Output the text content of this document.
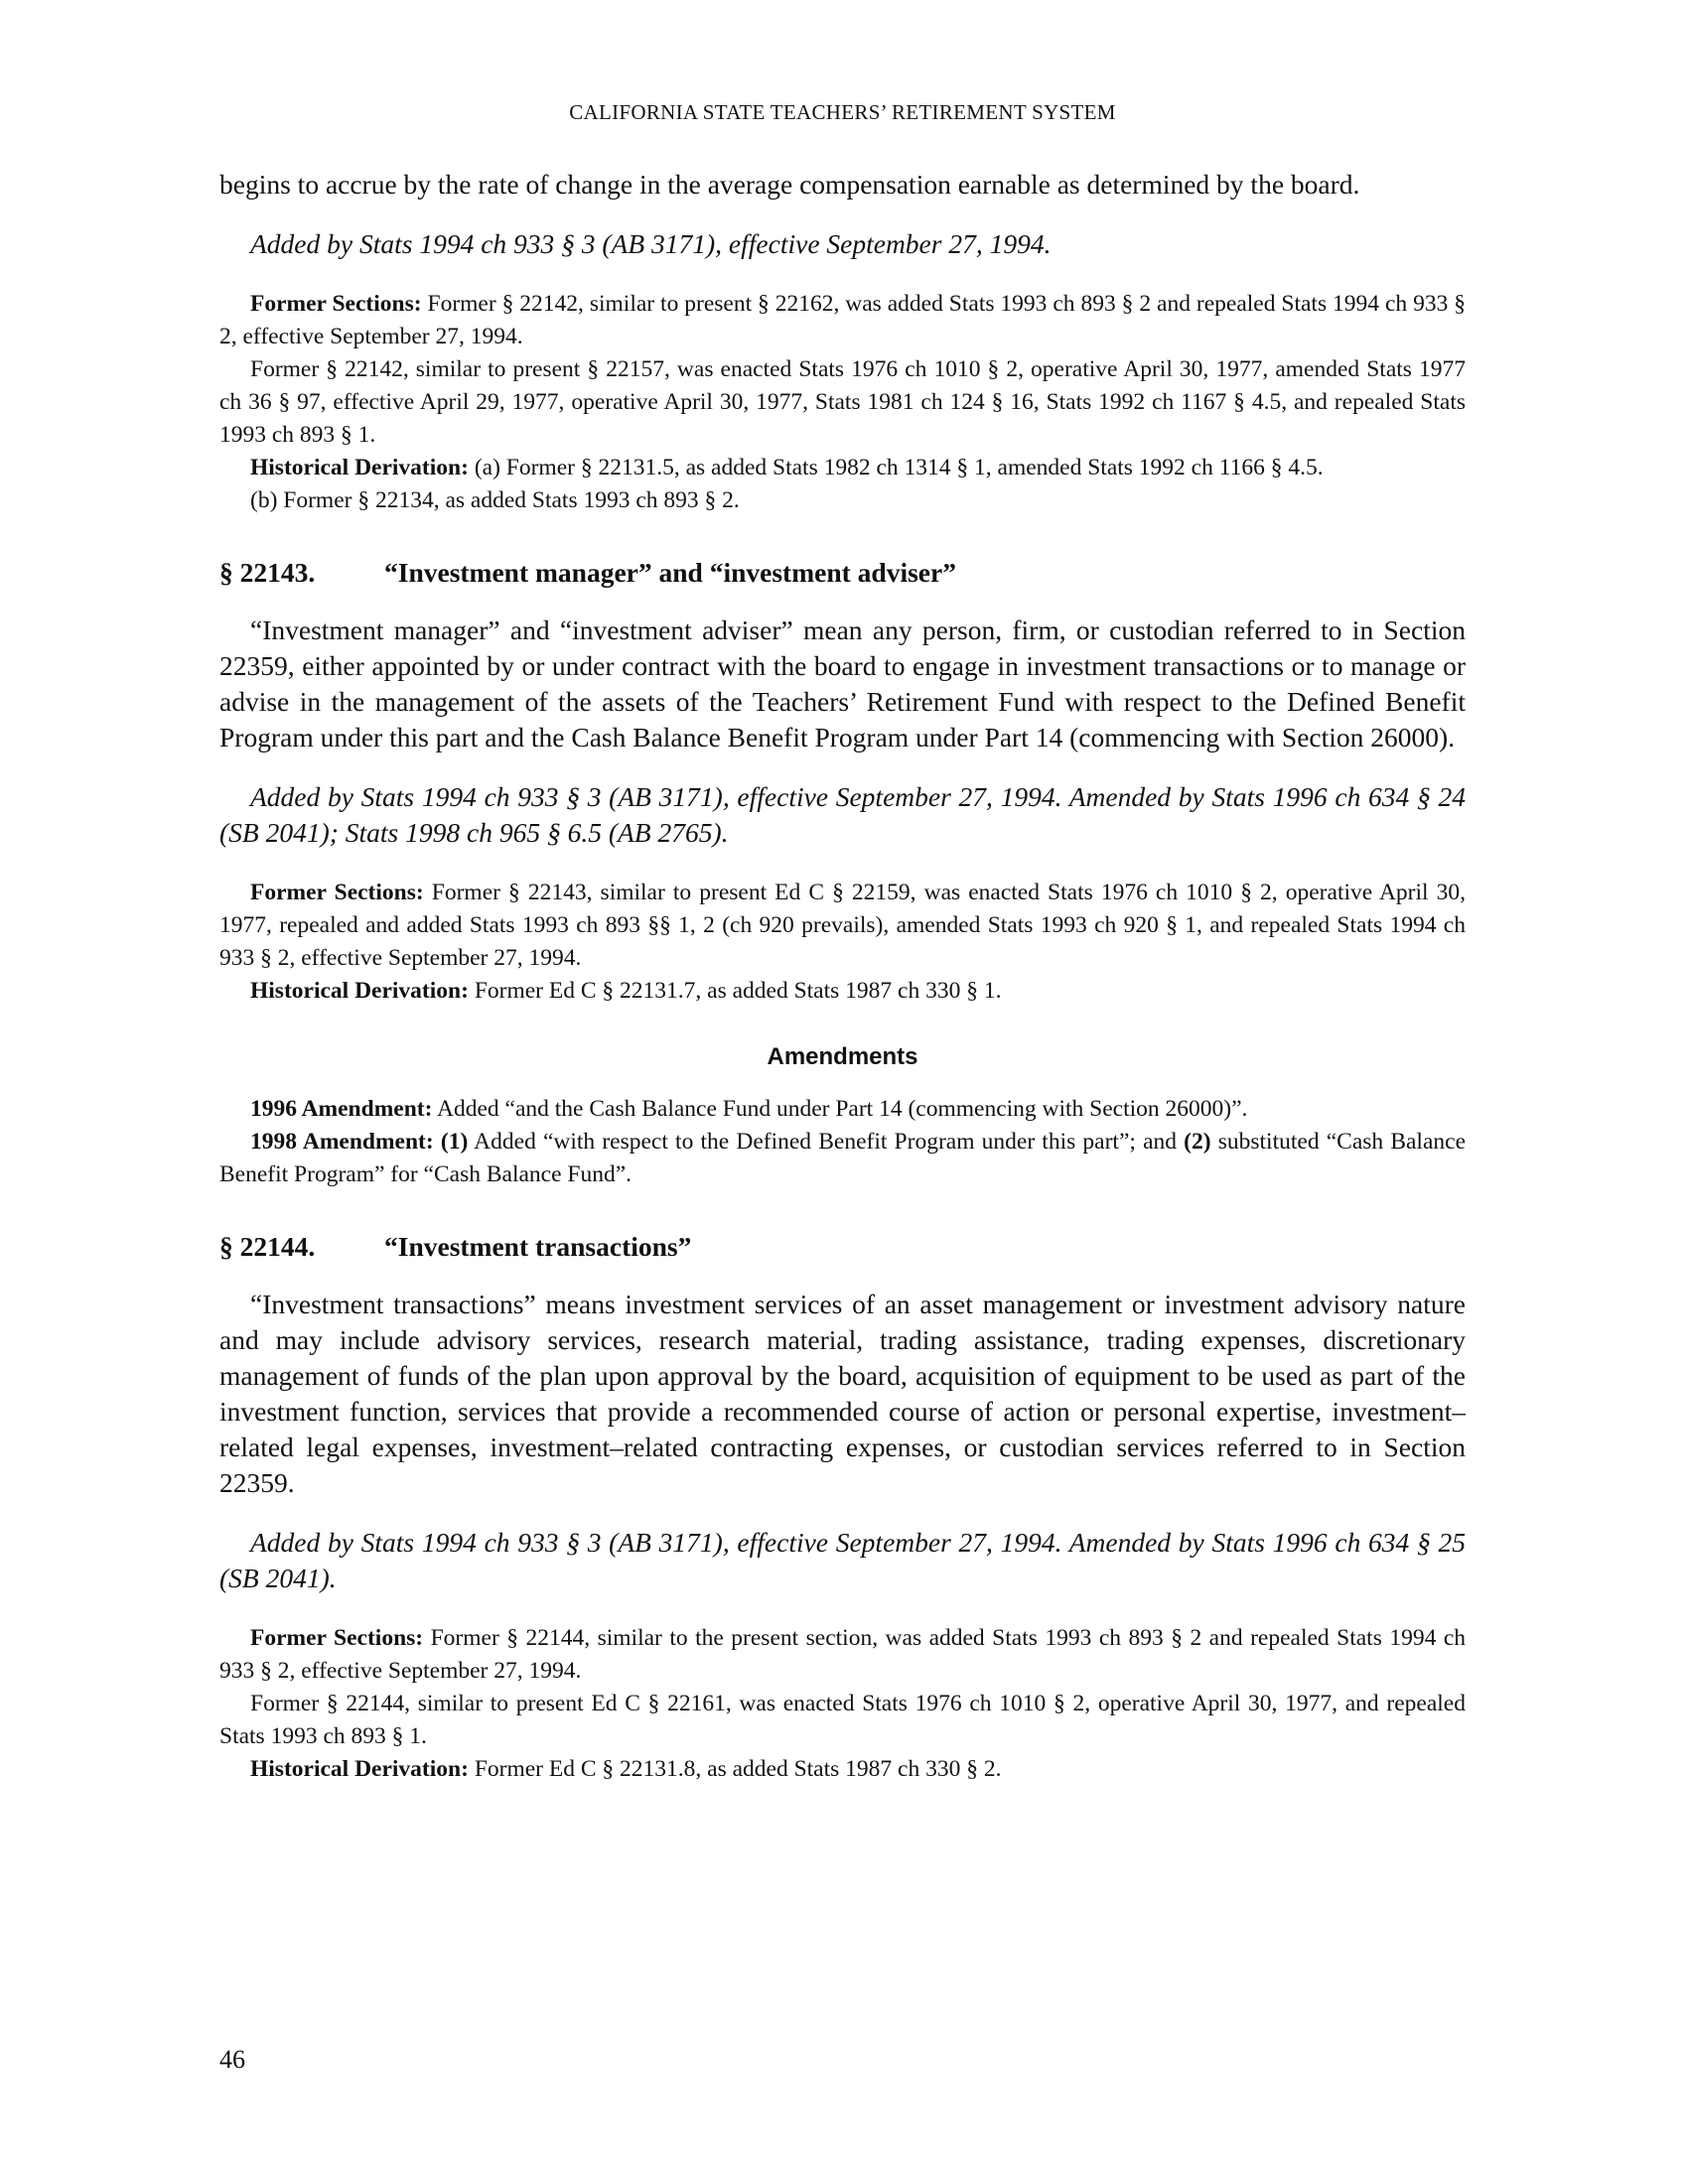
CALIFORNIA STATE TEACHERS’ RETIREMENT SYSTEM

begins to accrue by the rate of change in the average compensation earnable as determined by the board.

Added by Stats 1994 ch 933 § 3 (AB 3171), effective September 27, 1994.

Former Sections: Former § 22142, similar to present § 22162, was added Stats 1993 ch 893 § 2 and repealed Stats 1994 ch 933 § 2, effective September 27, 1994.

Former § 22142, similar to present § 22157, was enacted Stats 1976 ch 1010 § 2, operative April 30, 1977, amended Stats 1977 ch 36 § 97, effective April 29, 1977, operative April 30, 1977, Stats 1981 ch 124 § 16, Stats 1992 ch 1167 § 4.5, and repealed Stats 1993 ch 893 § 1.

Historical Derivation: (a) Former § 22131.5, as added Stats 1982 ch 1314 § 1, amended Stats 1992 ch 1166 § 4.5.

(b) Former § 22134, as added Stats 1993 ch 893 § 2.

§ 22143.	“Investment manager” and “investment adviser”

“Investment manager” and “investment adviser” mean any person, firm, or custodian referred to in Section 22359, either appointed by or under contract with the board to engage in investment transactions or to manage or advise in the management of the assets of the Teachers’ Retirement Fund with respect to the Defined Benefit Program under this part and the Cash Balance Benefit Program under Part 14 (commencing with Section 26000).

Added by Stats 1994 ch 933 § 3 (AB 3171), effective September 27, 1994. Amended by Stats 1996 ch 634 § 24 (SB 2041); Stats 1998 ch 965 § 6.5 (AB 2765).

Former Sections: Former § 22143, similar to present Ed C § 22159, was enacted Stats 1976 ch 1010 § 2, operative April 30, 1977, repealed and added Stats 1993 ch 893 §§ 1, 2 (ch 920 prevails), amended Stats 1993 ch 920 § 1, and repealed Stats 1994 ch 933 § 2, effective September 27, 1994.

Historical Derivation: Former Ed C § 22131.7, as added Stats 1987 ch 330 § 1.

Amendments

1996 Amendment: Added “and the Cash Balance Fund under Part 14 (commencing with Section 26000)”.

1998 Amendment: (1) Added “with respect to the Defined Benefit Program under this part”; and (2) substituted “Cash Balance Benefit Program” for “Cash Balance Fund”.

§ 22144.	“Investment transactions”

“Investment transactions” means investment services of an asset management or investment advisory nature and may include advisory services, research material, trading assistance, trading expenses, discretionary management of funds of the plan upon approval by the board, acquisition of equipment to be used as part of the investment function, services that provide a recommended course of action or personal expertise, investment–related legal expenses, investment–related contracting expenses, or custodian services referred to in Section 22359.

Added by Stats 1994 ch 933 § 3 (AB 3171), effective September 27, 1994. Amended by Stats 1996 ch 634 § 25 (SB 2041).

Former Sections: Former § 22144, similar to the present section, was added Stats 1993 ch 893 § 2 and repealed Stats 1994 ch 933 § 2, effective September 27, 1994.

Former § 22144, similar to present Ed C § 22161, was enacted Stats 1976 ch 1010 § 2, operative April 30, 1977, and repealed Stats 1993 ch 893 § 1.

Historical Derivation: Former Ed C § 22131.8, as added Stats 1987 ch 330 § 2.

46
